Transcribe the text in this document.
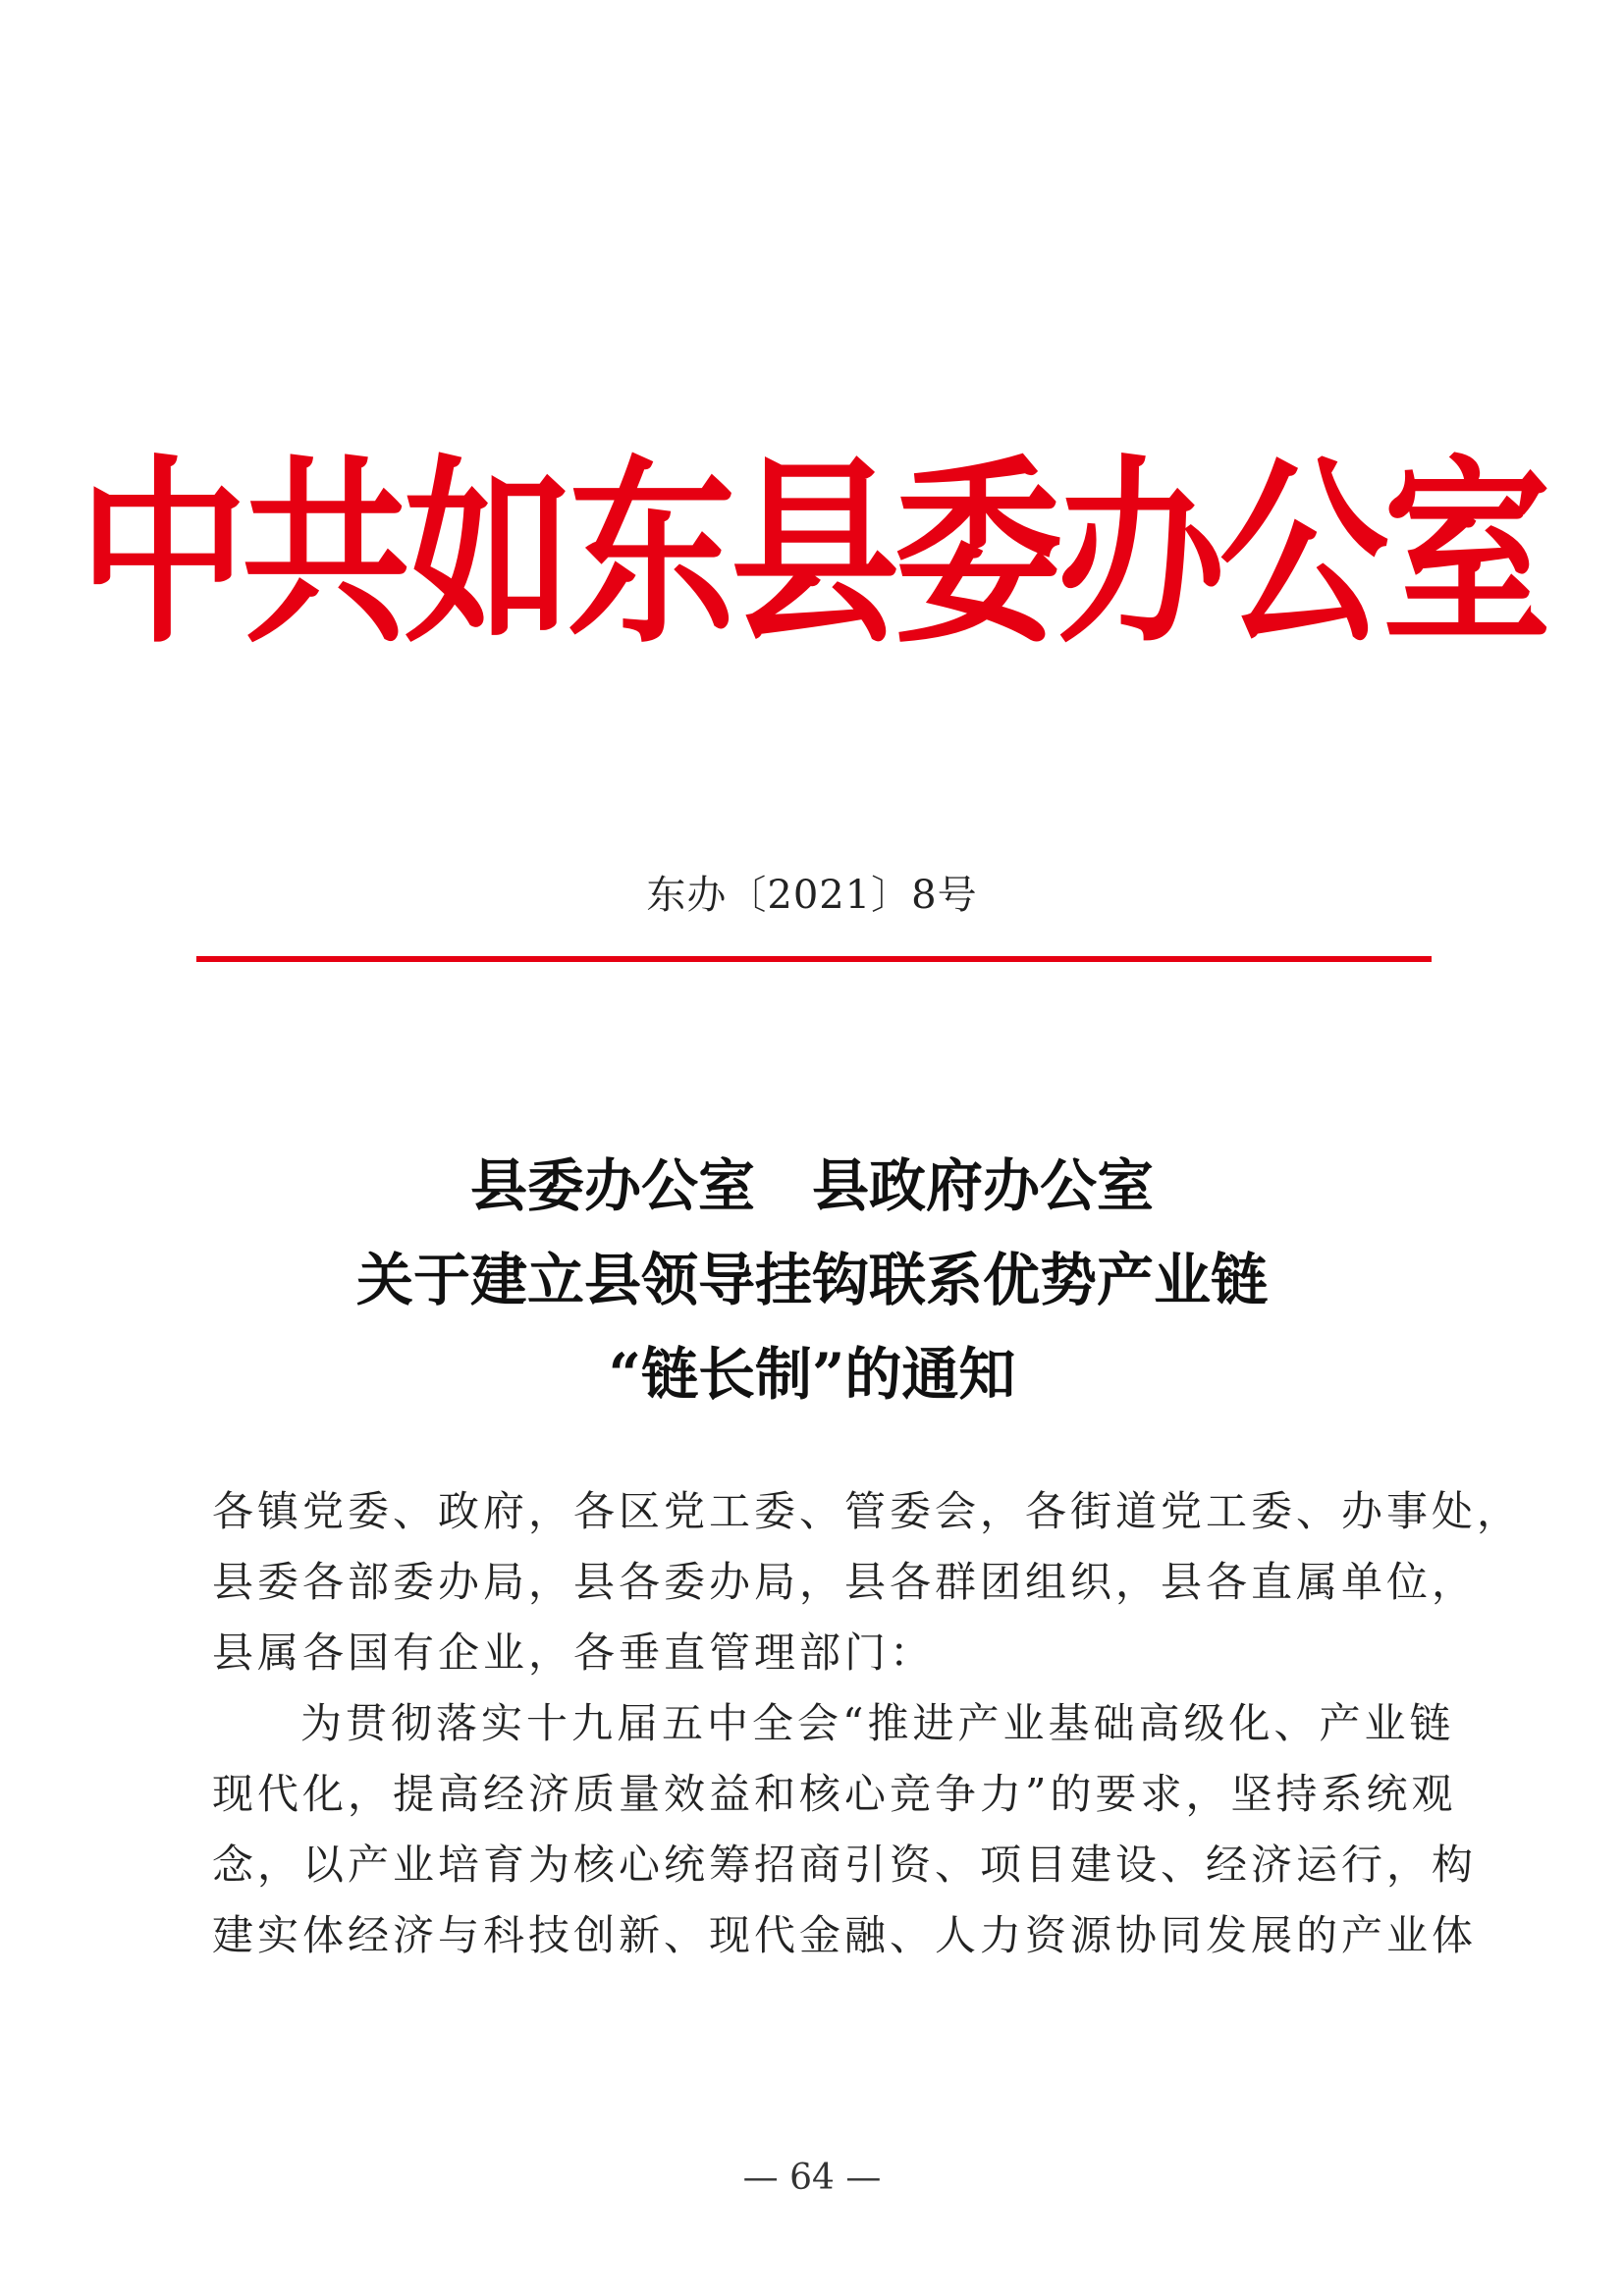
中共如东县委办公室
东办〔2021〕8号
县委办公室 县政府办公室
关于建立县领导挂钩联系优势产业链
“链长制”的通知
各镇党委、政府，各区党工委、管委会，各街道党工委、办事处，
县委各部委办局，县各委办局，县各群团组织，县各直属单位，
县属各国有企业，各垂直管理部门：
为贯彻落实十九届五中全会“推进产业基础高级化、产业链
现代化，提高经济质量效益和核心竞争力”的要求，坚持系统观
念，以产业培育为核心统筹招商引资、项目建设、经济运行，构
建实体经济与科技创新、现代金融、人力资源协同发展的产业体
— 64 —
